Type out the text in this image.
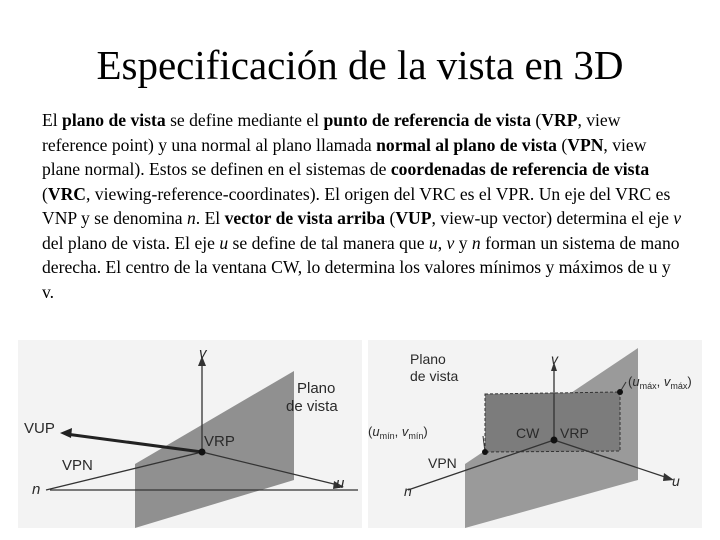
Especificación de la vista en 3D

El plano de vista se define mediante el punto de referencia de vista (VRP, view reference point) y una normal al plano llamada normal al plano de vista (VPN, view plane normal). Estos se definen en el sistemas de coordenadas de referencia de vista (VRC, viewing-reference-coordinates). El origen del VRC es el VPR. Un eje del VRC es VNP y se denomina n. El vector de vista arriba (VUP, view-up vector) determina el eje v del plano de vista. El eje u se define de tal manera que u, v y n forman un sistema de mano derecha. El centro de la ventana CW, lo determina los valores mínimos y máximos de u y v.

v
VUP
VRP
VPN
n	u
Plano
de vista
v
Plano de vista	($u_{máx}$, $v_{máx}$)
($u_{mín}$, $v_{mín}$)	CW VRP
VPN
n
u
